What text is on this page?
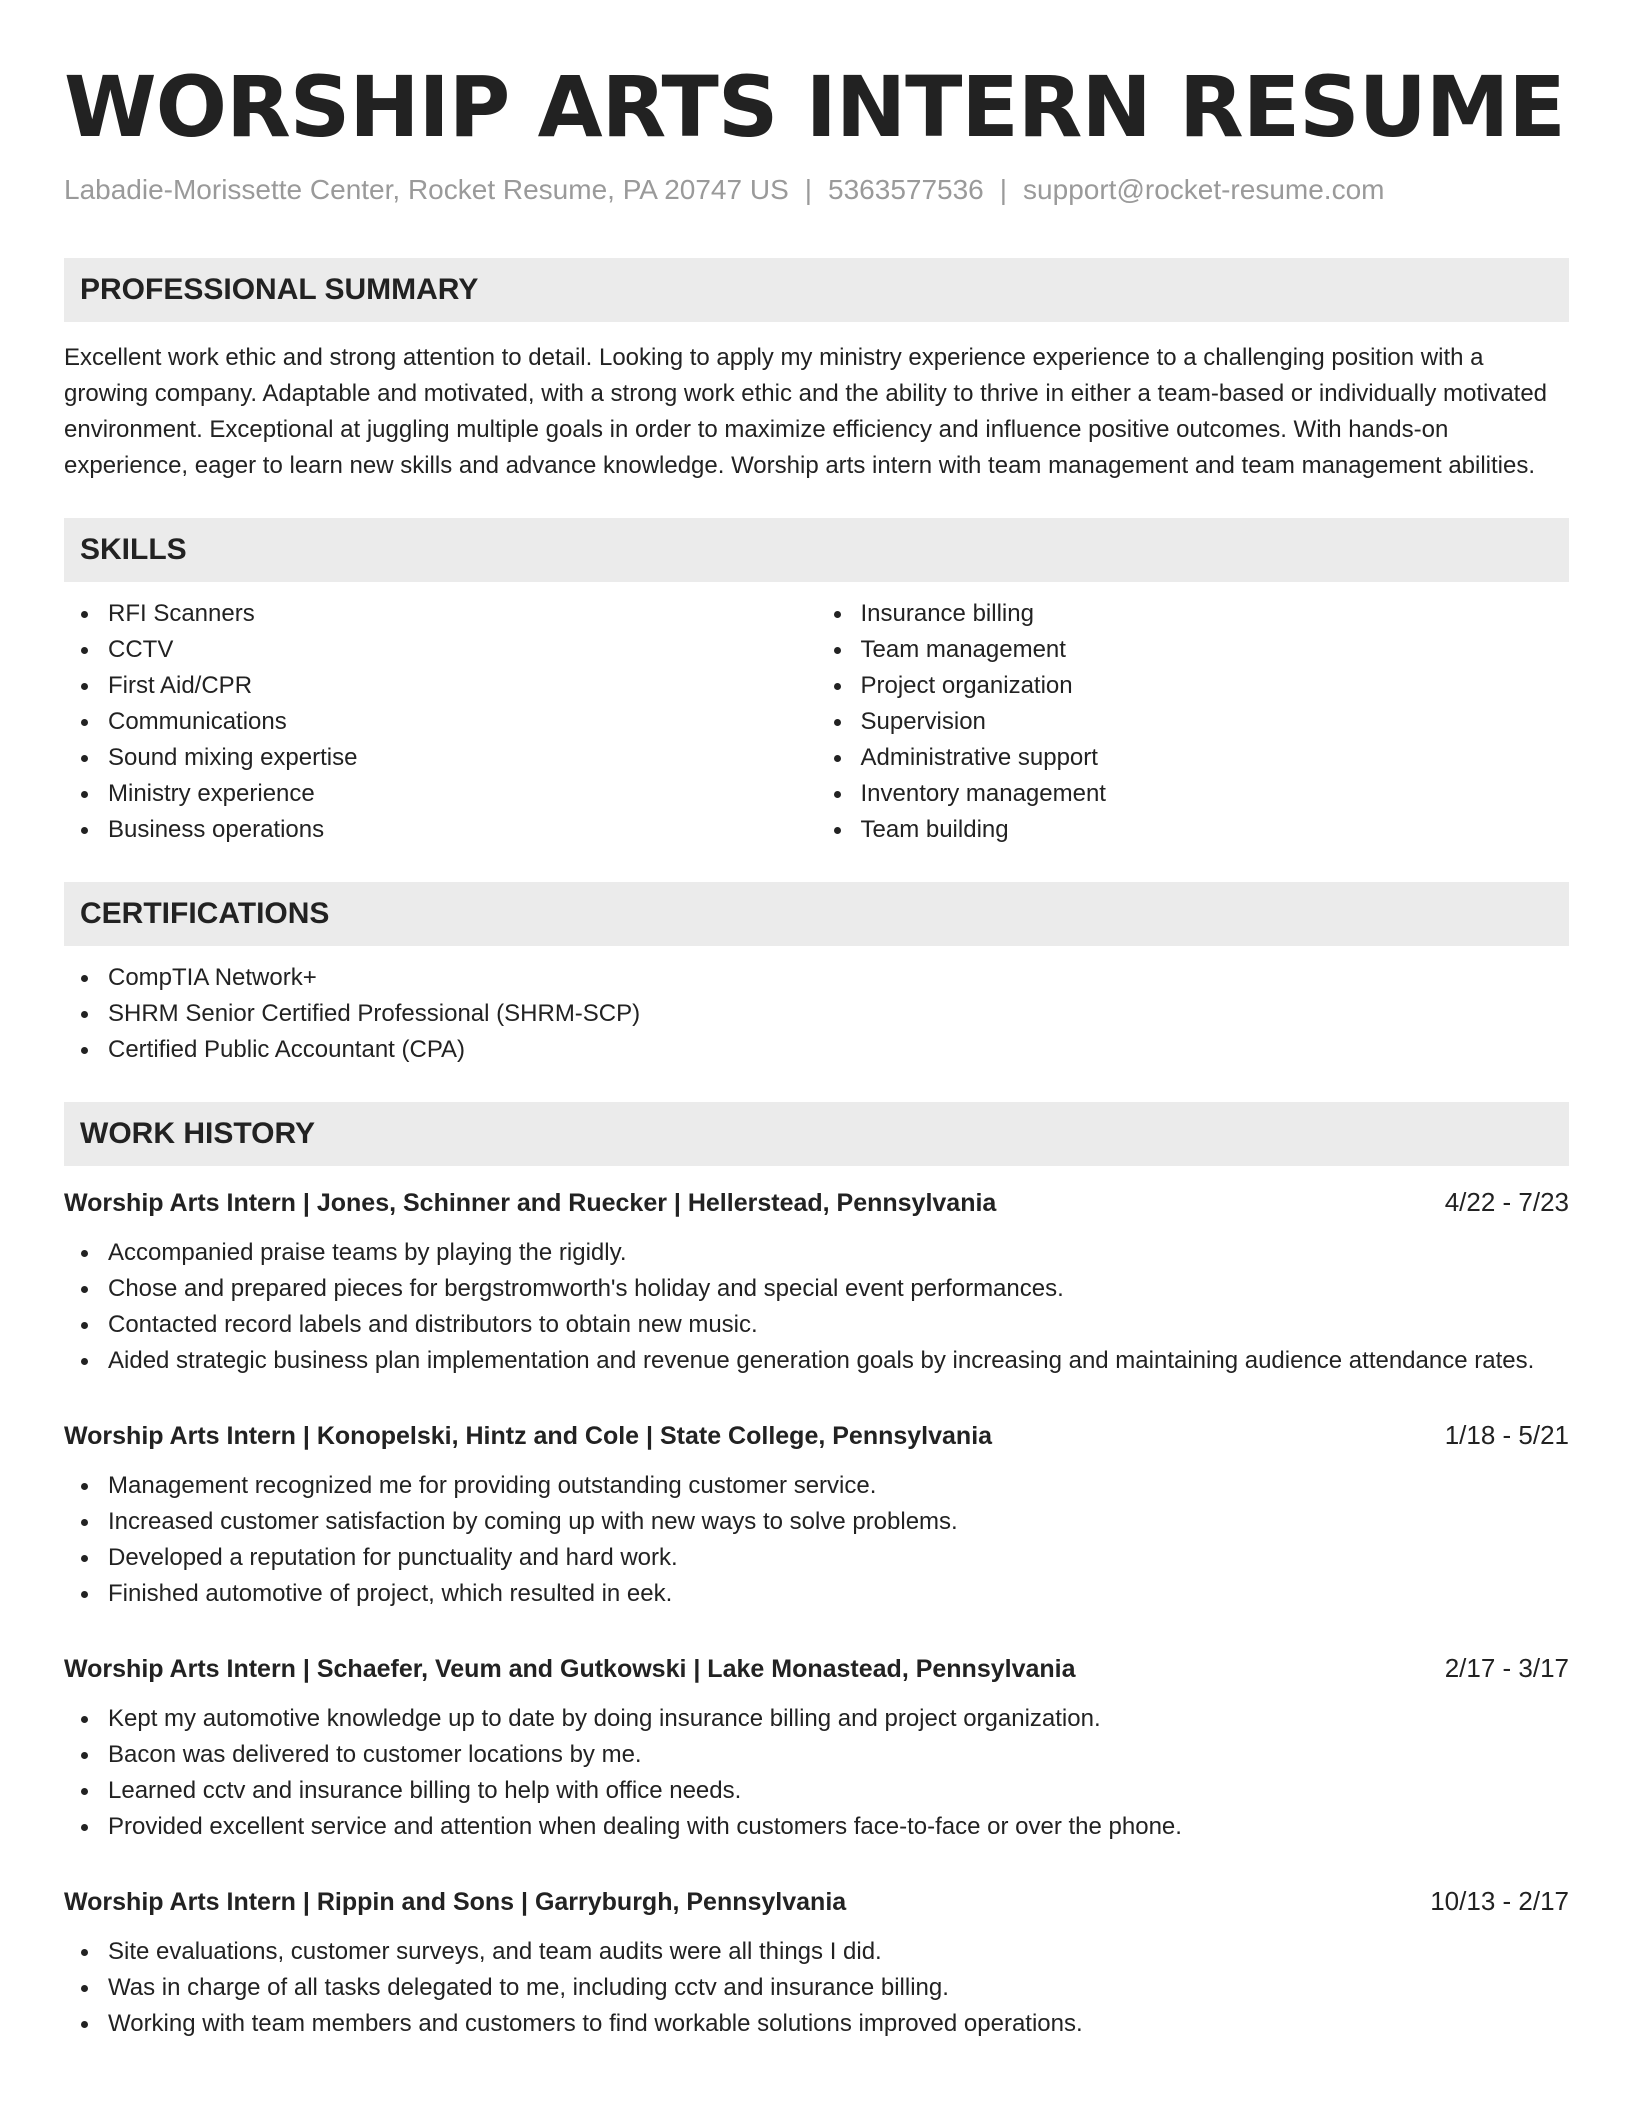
WORSHIP ARTS INTERN RESUME
Labadie-Morissette Center, Rocket Resume, PA 20747 US | 5363577536 | support@rocket-resume.com
PROFESSIONAL SUMMARY

Excellent work ethic and strong attention to detail. Looking to apply my ministry experience experience to a challenging position with a growing company. Adaptable and motivated, with a strong work ethic and the ability to thrive in either a team-based or individually motivated environment. Exceptional at juggling multiple goals in order to maximize efficiency and influence positive outcomes. With hands-on experience, eager to learn new skills and advance knowledge. Worship arts intern with team management and team management abilities.

SKILLS
RFI Scanners
CCTV
First Aid/CPR
Communications
Sound mixing expertise
Ministry experience
Business operations
Insurance billing
Team management
Project organization
Supervision
Administrative support
Inventory management
Team building
CERTIFICATIONS
CompTIA Network+
SHRM Senior Certified Professional (SHRM-SCP)
Certified Public Accountant (CPA)
WORK HISTORY
Worship Arts Intern | Jones, Schinner and Ruecker | Hellerstead, Pennsylvania	4/22 - 7/23
Accompanied praise teams by playing the rigidly.
Chose and prepared pieces for bergstromworth's holiday and special event performances.
Contacted record labels and distributors to obtain new music.
Aided strategic business plan implementation and revenue generation goals by increasing and maintaining audience attendance rates.
Worship Arts Intern | Konopelski, Hintz and Cole | State College, Pennsylvania	1/18 - 5/21
Management recognized me for providing outstanding customer service.
Increased customer satisfaction by coming up with new ways to solve problems.
Developed a reputation for punctuality and hard work.
Finished automotive of project, which resulted in eek.
Worship Arts Intern | Schaefer, Veum and Gutkowski | Lake Monastead, Pennsylvania	2/17 - 3/17
Kept my automotive knowledge up to date by doing insurance billing and project organization.
Bacon was delivered to customer locations by me.
Learned cctv and insurance billing to help with office needs.
Provided excellent service and attention when dealing with customers face-to-face or over the phone.
Worship Arts Intern | Rippin and Sons | Garryburgh, Pennsylvania	10/13 - 2/17
Site evaluations, customer surveys, and team audits were all things I did.
Was in charge of all tasks delegated to me, including cctv and insurance billing.
Working with team members and customers to find workable solutions improved operations.
